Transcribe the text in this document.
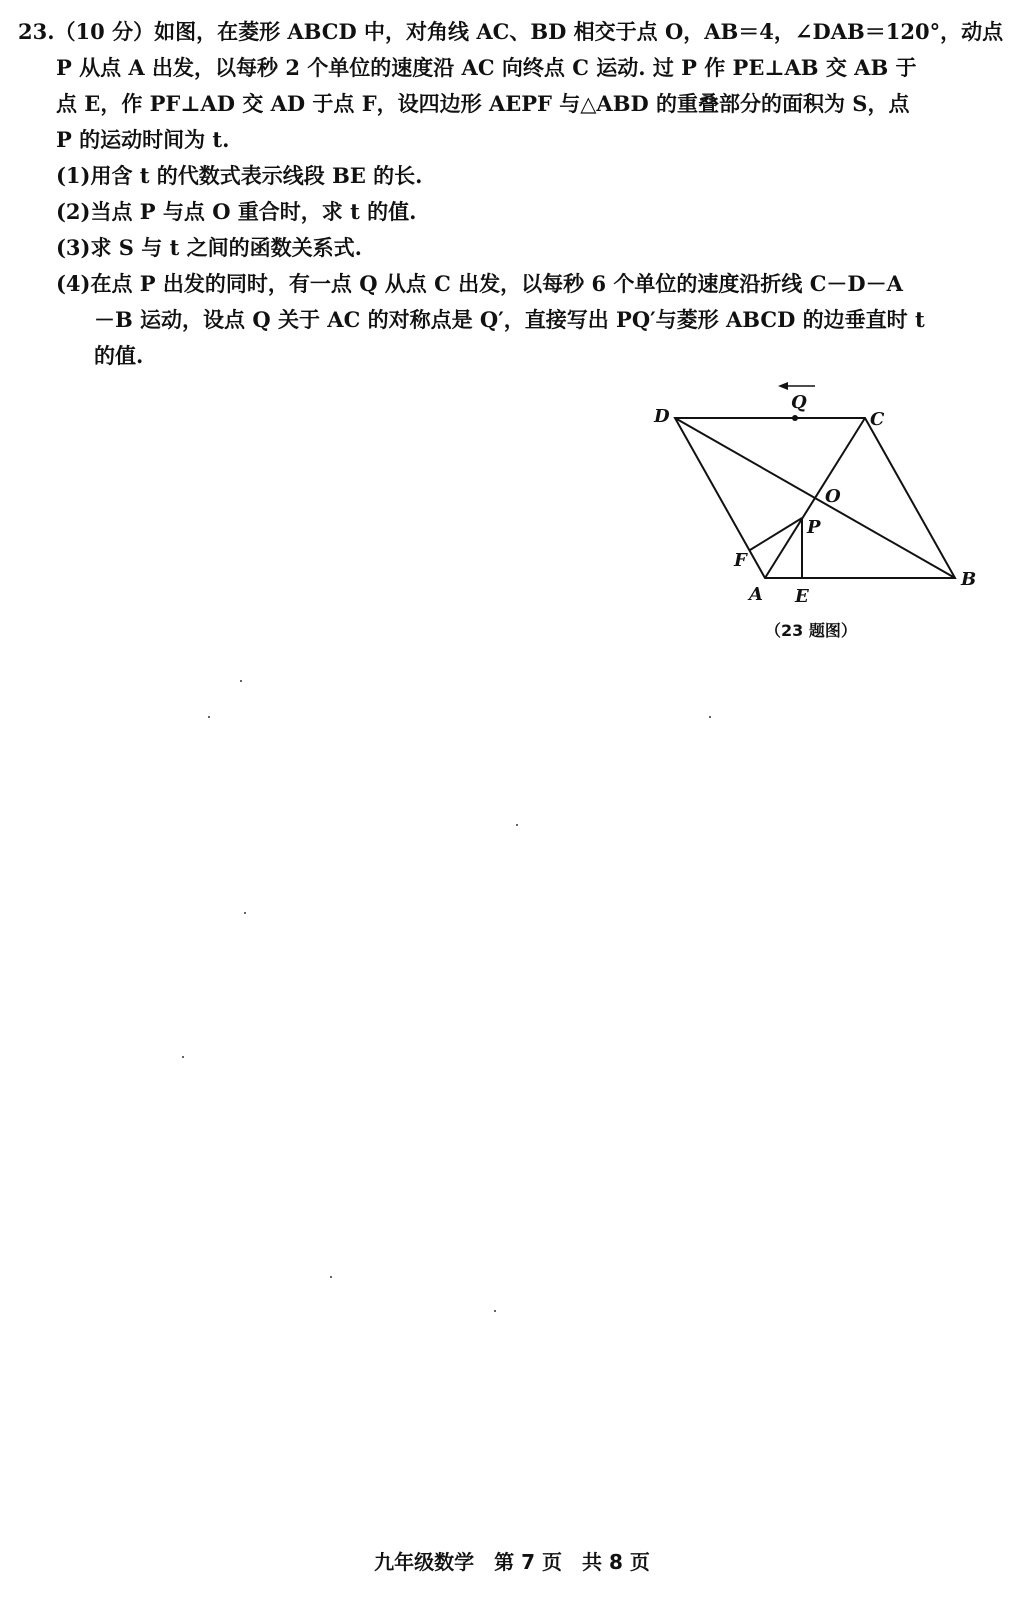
23.（10 分）如图，在菱形 ABCD 中，对角线 AC、BD 相交于点 O，AB＝4，∠DAB＝120°，动点
P 从点 A 出发，以每秒 2 个单位的速度沿 AC 向终点 C 运动. 过 P 作 PE⊥AB 交 AB 于
点 E，作 PF⊥AD 交 AD 于点 F，设四边形 AEPF 与△ABD 的重叠部分的面积为 S，点
P 的运动时间为 t.
(1)用含 t 的代数式表示线段 BE 的长.
(2)当点 P 与点 O 重合时，求 t 的值.
(3)求 S 与 t 之间的函数关系式.
(4)在点 P 出发的同时，有一点 Q 从点 C 出发，以每秒 6 个单位的速度沿折线 C－D－A
－B 运动，设点 Q 关于 AC 的对称点是 Q′，直接写出 PQ′与菱形 ABCD 的边垂直时 t
的值.
D	C
Q
O
P
F
A E
B
（23 题图）
九年级数学　第 7 页　共 8 页
